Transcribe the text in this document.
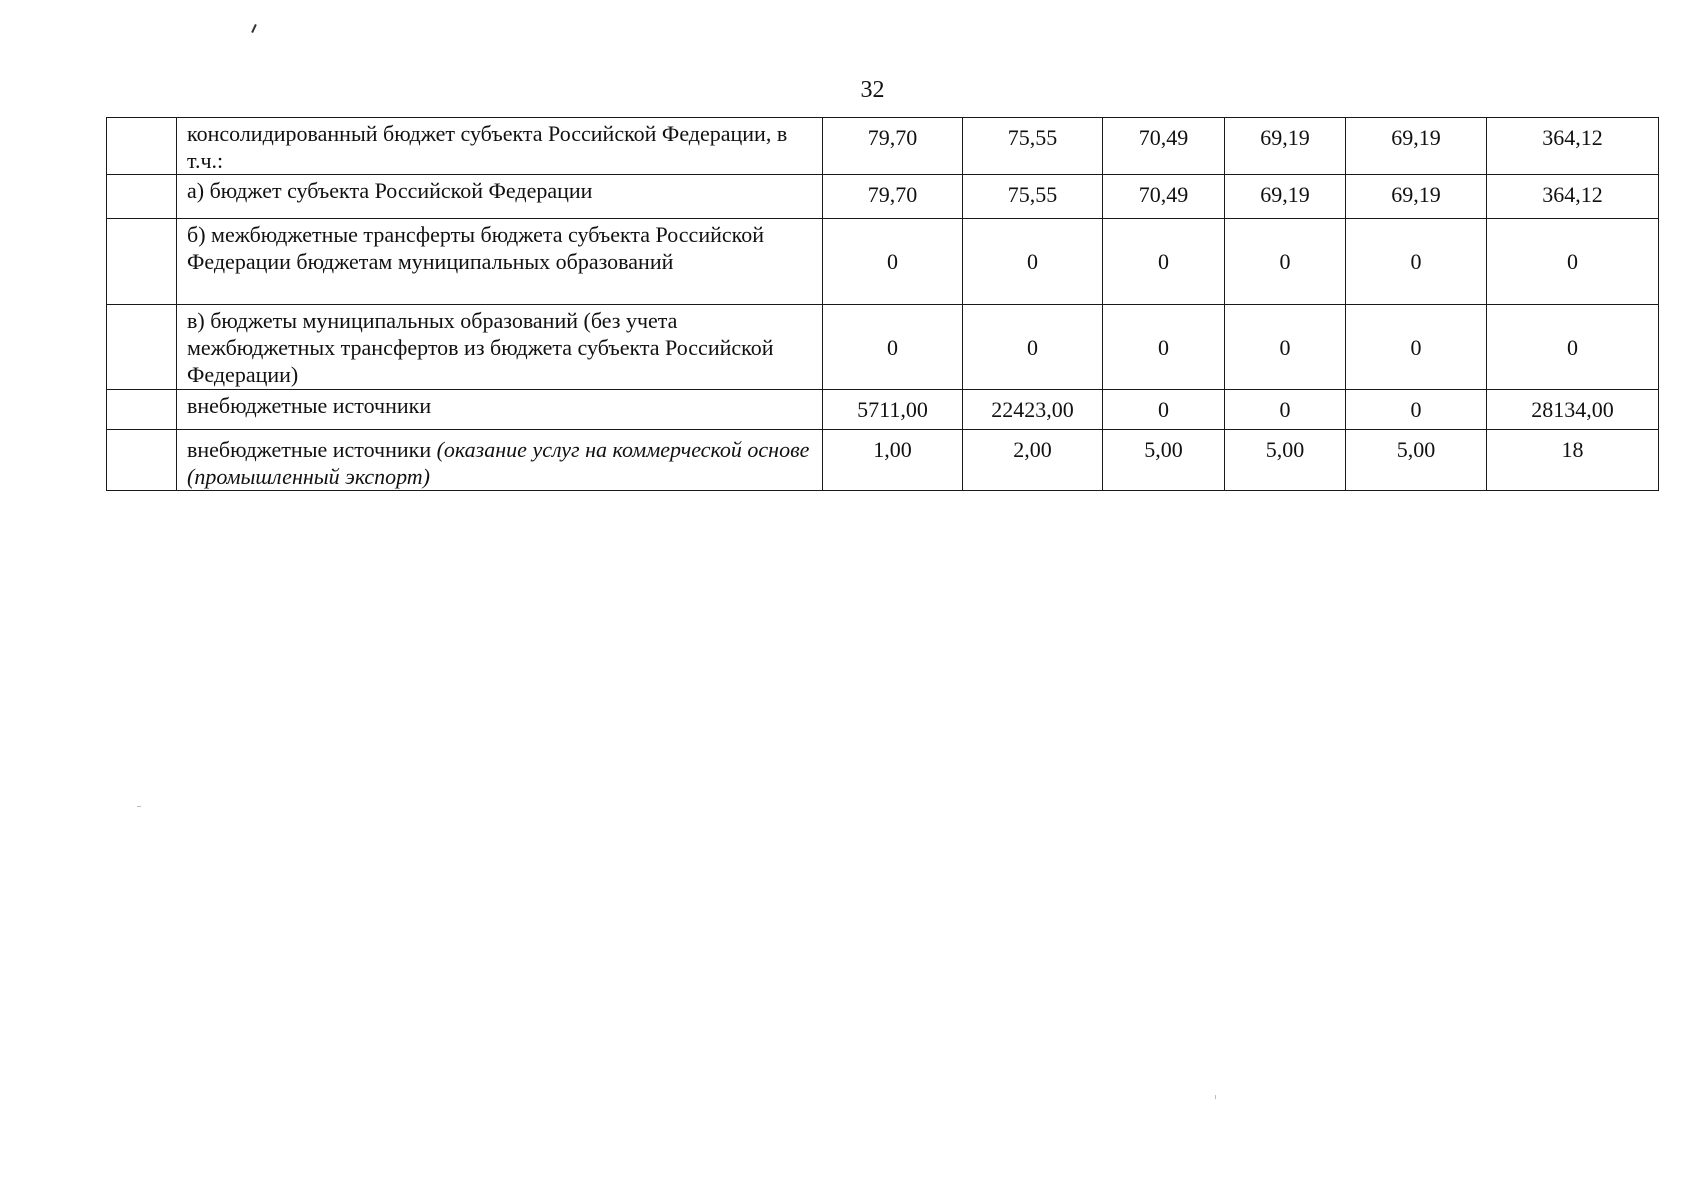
32
	консолидированный бюджет субъекта Российской Федерации, в т.ч.:	79,70	75,55	70,49	69,19	69,19	364,12
	а) бюджет субъекта Российской Федерации	79,70	75,55	70,49	69,19	69,19	364,12
	б) межбюджетные трансферты бюджета субъекта Российской Федерации бюджетам муниципальных образований	0	0	0	0	0	0
	в) бюджеты муниципальных образований (без учета межбюджетных трансфертов из бюджета субъекта Российской Федерации)	0	0	0	0	0	0
	внебюджетные источники	5711,00	22423,00	0	0	0	28134,00
	внебюджетные источники (оказание услуг на коммерческой основе (промышленный экспорт)	1,00	2,00	5,00	5,00	5,00	18
